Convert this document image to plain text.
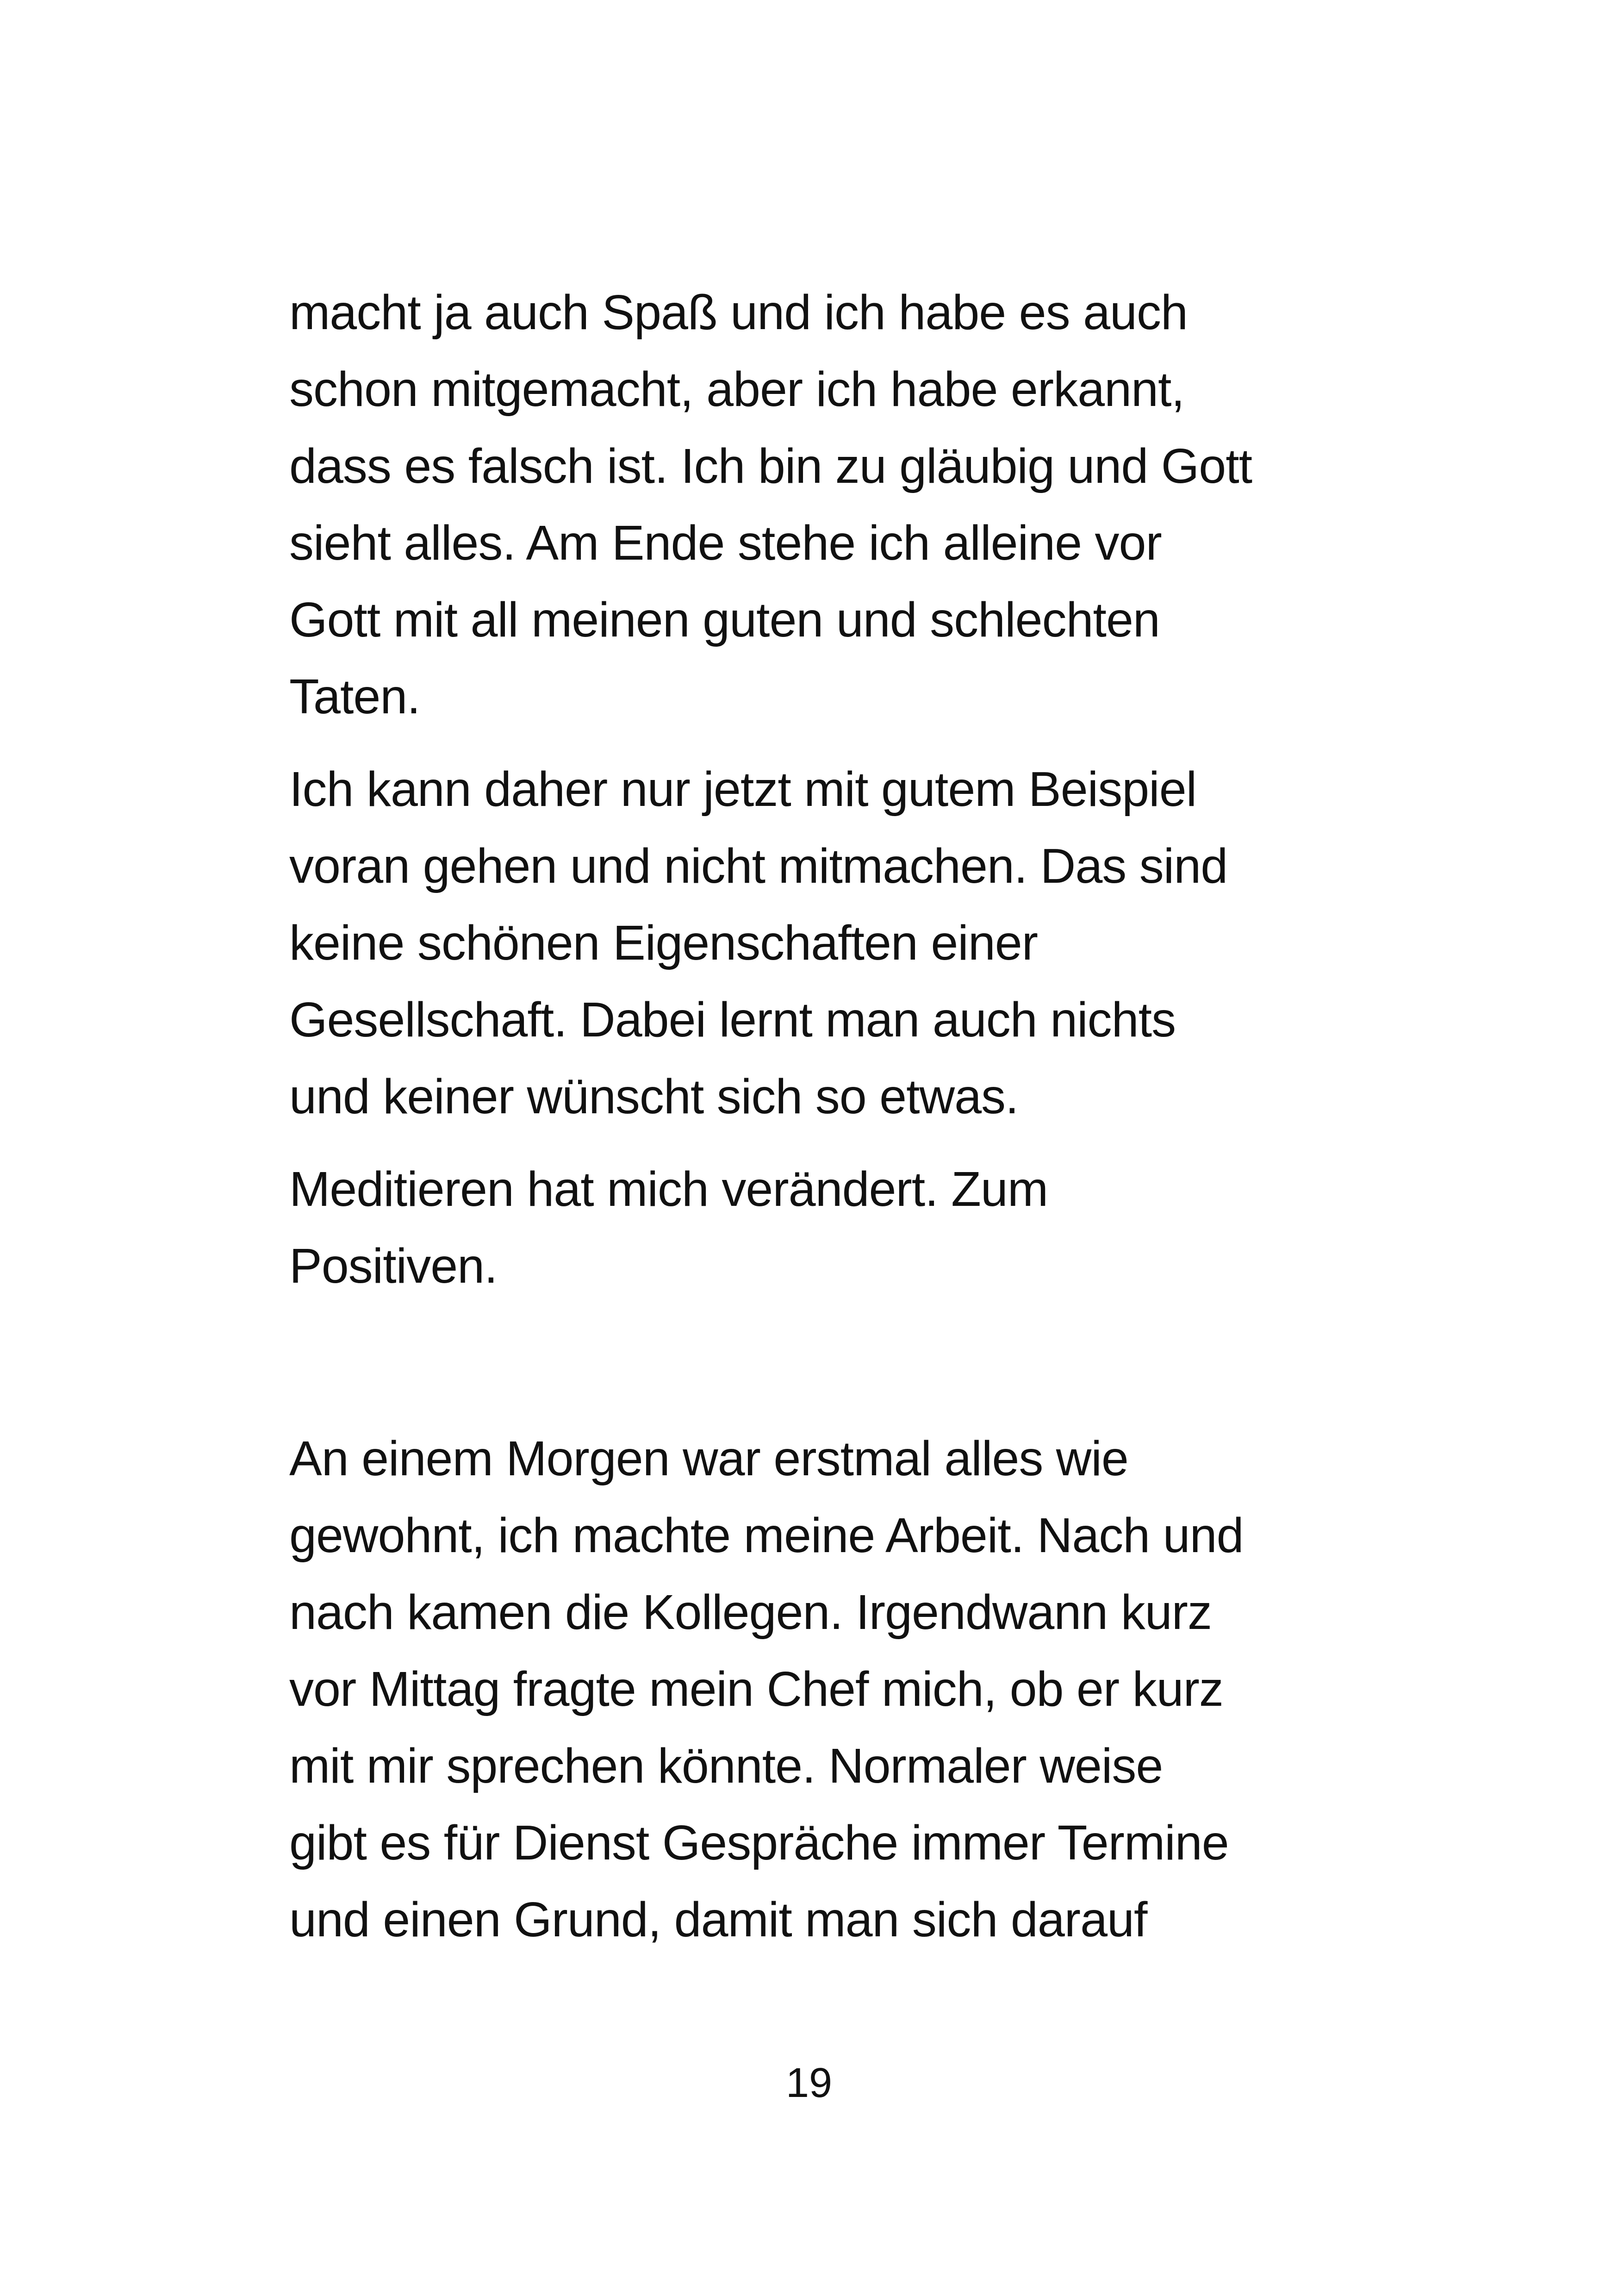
macht ja auch Spaß und ich habe es auch

schon mitgemacht, aber ich habe erkannt,

dass es falsch ist. Ich bin zu gläubig und Gott

sieht alles. Am Ende stehe ich alleine vor

Gott mit all meinen guten und schlechten

Taten.

Ich kann daher nur jetzt mit gutem Beispiel

voran gehen und nicht mitmachen. Das sind

keine schönen Eigenschaften einer

Gesellschaft. Dabei lernt man auch nichts

und keiner wünscht sich so etwas.

Meditieren hat mich verändert. Zum

Positiven.

An einem Morgen war erstmal alles wie

gewohnt, ich machte meine Arbeit. Nach und

nach kamen die Kollegen. Irgendwann kurz

vor Mittag fragte mein Chef mich, ob er kurz

mit mir sprechen könnte. Normaler weise

gibt es für Dienst Gespräche immer Termine

und einen Grund, damit man sich darauf

19
